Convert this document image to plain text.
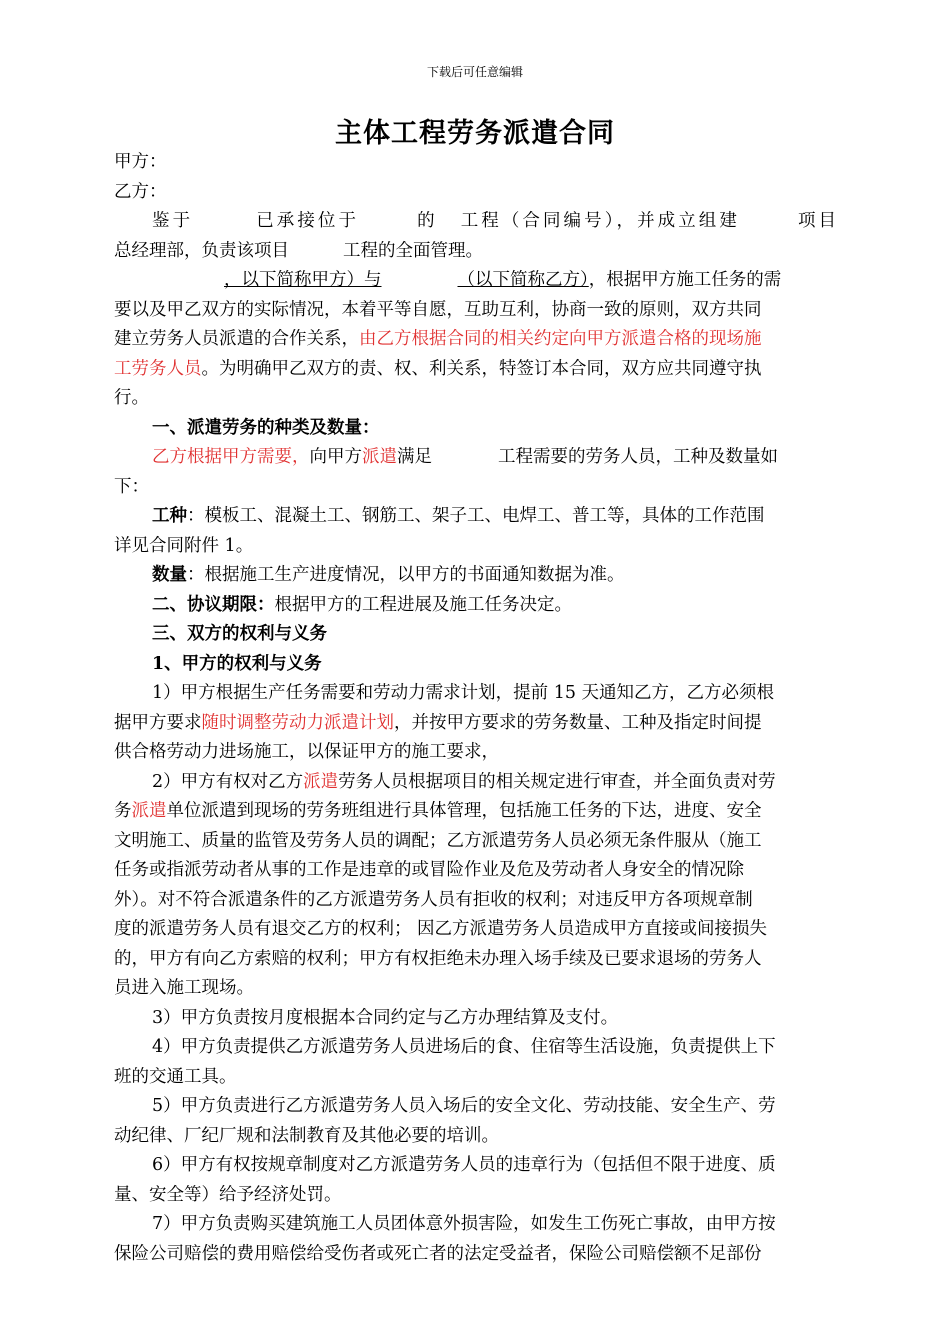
下载后可任意编辑
主体工程劳务派遣合同
甲方：
乙方：
鉴于	已承接位于	的 工程（合同编号），并成立组建	项目
总经理部，负责该项目	工程的全面管理。
，以下简称甲方）与	（以下简称乙方），根据甲方施工任务的需
要以及甲乙双方的实际情况，本着平等自愿，互助互利，协商一致的原则，双方共同
建立劳务人员派遣的合作关系，由乙方根据合同的相关约定向甲方派遣合格的现场施
工劳务人员。为明确甲乙双方的责、权、利关系，特签订本合同，双方应共同遵守执
行。
一、派遣劳务的种类及数量：
乙方根据甲方需要，向甲方派遣满足	工程需要的劳务人员，工种及数量如
下：
工种：模板工、混凝土工、钢筋工、架子工、电焊工、普工等，具体的工作范围
详见合同附件 1。
数量：根据施工生产进度情况，以甲方的书面通知数据为准。
二、协议期限：根据甲方的工程进展及施工任务决定。
三、双方的权利与义务
1、甲方的权利与义务
1）甲方根据生产任务需要和劳动力需求计划，提前 15 天通知乙方，乙方必须根
据甲方要求随时调整劳动力派遣计划，并按甲方要求的劳务数量、工种及指定时间提
供合格劳动力进场施工，以保证甲方的施工要求，
2）甲方有权对乙方派遣劳务人员根据项目的相关规定进行审查，并全面负责对劳
务派遣单位派遣到现场的劳务班组进行具体管理，包括施工任务的下达，进度、安全
文明施工、质量的监管及劳务人员的调配；乙方派遣劳务人员必须无条件服从（施工
任务或指派劳动者从事的工作是违章的或冒险作业及危及劳动者人身安全的情况除
外）。对不符合派遣条件的乙方派遣劳务人员有拒收的权利；对违反甲方各项规章制
度的派遣劳务人员有退交乙方的权利； 因乙方派遣劳务人员造成甲方直接或间接损失
的，甲方有向乙方索赔的权利；甲方有权拒绝未办理入场手续及已要求退场的劳务人
员进入施工现场。
3）甲方负责按月度根据本合同约定与乙方办理结算及支付。
4）甲方负责提供乙方派遣劳务人员进场后的食、住宿等生活设施，负责提供上下
班的交通工具。
5）甲方负责进行乙方派遣劳务人员入场后的安全文化、劳动技能、安全生产、劳
动纪律、厂纪厂规和法制教育及其他必要的培训。
6）甲方有权按规章制度对乙方派遣劳务人员的违章行为（包括但不限于进度、质
量、安全等）给予经济处罚。
7）甲方负责购买建筑施工人员团体意外损害险，如发生工伤死亡事故，由甲方按
保险公司赔偿的费用赔偿给受伤者或死亡者的法定受益者，保险公司赔偿额不足部份
